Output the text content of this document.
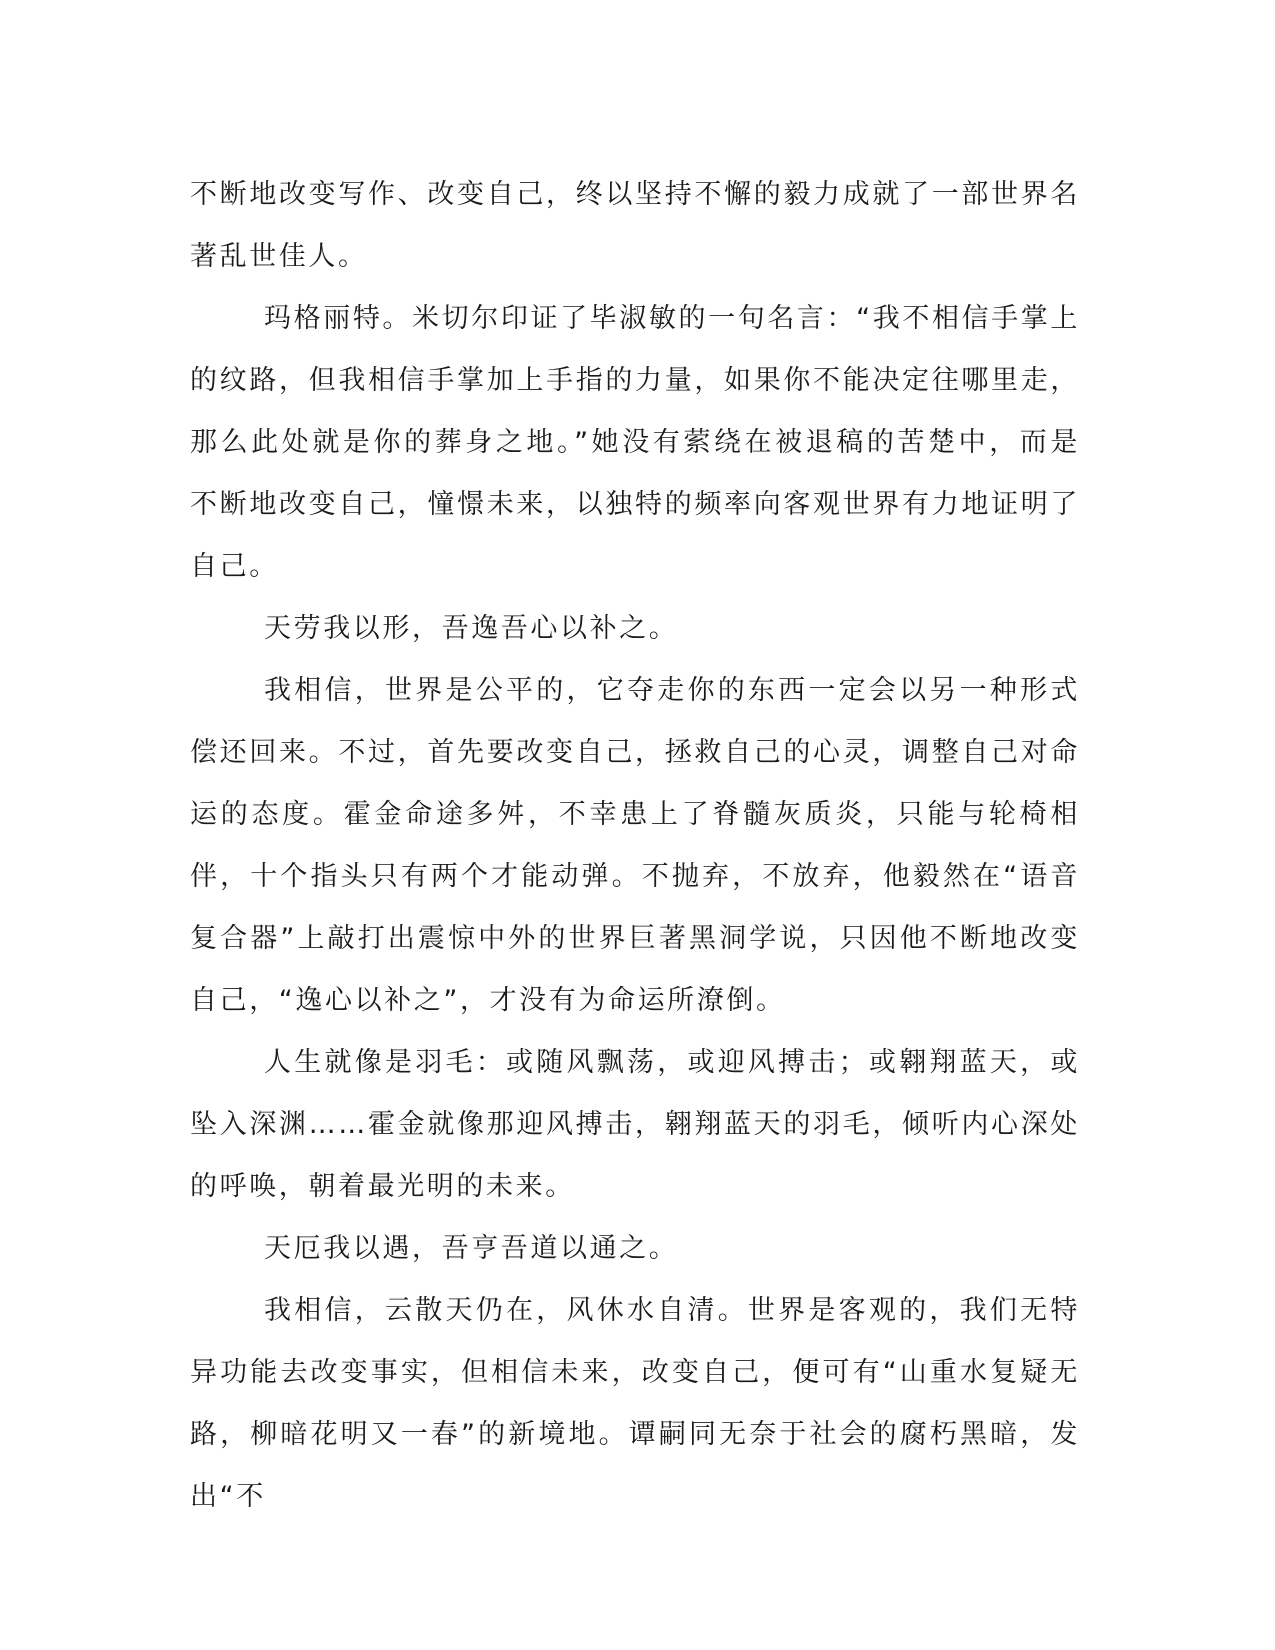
不断地改变写作、改变自己，终以坚持不懈的毅力成就了一部世界名著乱世佳人。

玛格丽特。米切尔印证了毕淑敏的一句名言：“我不相信手掌上的纹路，但我相信手掌加上手指的力量，如果你不能决定往哪里走，那么此处就是你的葬身之地。”她没有萦绕在被退稿的苦楚中，而是不断地改变自己，憧憬未来，以独特的频率向客观世界有力地证明了自己。

天劳我以形，吾逸吾心以补之。

我相信，世界是公平的，它夺走你的东西一定会以另一种形式偿还回来。不过，首先要改变自己，拯救自己的心灵，调整自己对命运的态度。霍金命途多舛，不幸患上了脊髓灰质炎，只能与轮椅相伴，十个指头只有两个才能动弹。不抛弃，不放弃，他毅然在“语音复合器”上敲打出震惊中外的世界巨著黑洞学说，只因他不断地改变自己，“逸心以补之”，才没有为命运所潦倒。

人生就像是羽毛：或随风飘荡，或迎风搏击；或翱翔蓝天，或坠入深渊……霍金就像那迎风搏击，翱翔蓝天的羽毛，倾听内心深处的呼唤，朝着最光明的未来。

天厄我以遇，吾亨吾道以通之。

我相信，云散天仍在，风休水自清。世界是客观的，我们无特异功能去改变事实，但相信未来，改变自己，便可有“山重水复疑无路，柳暗花明又一春”的新境地。谭嗣同无奈于社会的腐朽黑暗，发出“不
